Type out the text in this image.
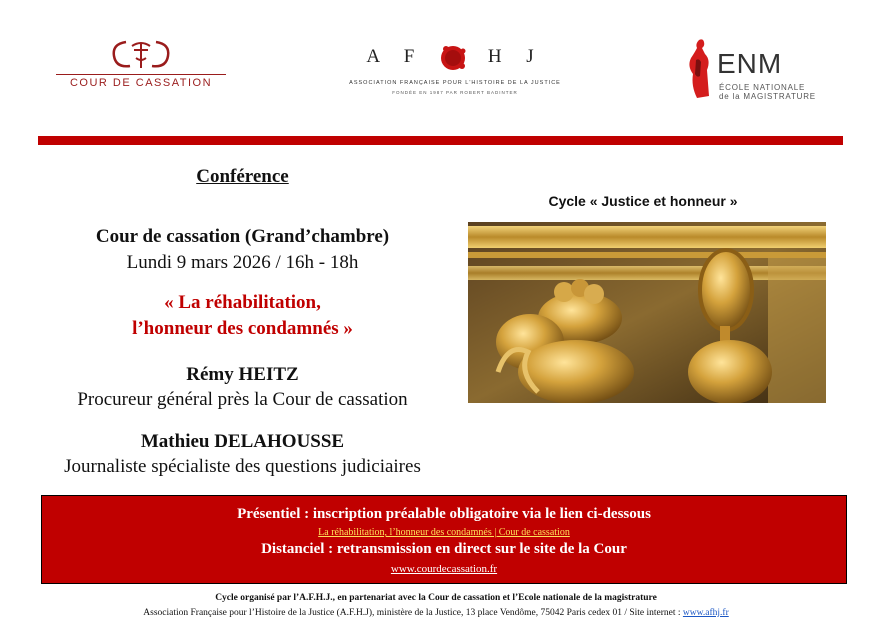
COUR DE CASSATION
A F	H J
ASSOCIATION FRANÇAISE POUR L'HISTOIRE DE LA JUSTICE
FONDÉE EN 1987 PAR ROBERT BADINTER
ENM
ÉCOLE NATIONALE
de la MAGISTRATURE
Conférence
Cour de cassation (Grand’chambre)
Lundi 9 mars 2026 / 16h - 18h
« La réhabilitation,
l’honneur des condamnés »
Rémy HEITZ
Procureur général près la Cour de cassation
Mathieu DELAHOUSSE
Journaliste spécialiste des questions judiciaires
Cycle « Justice et honneur »
Présentiel : inscription préalable obligatoire via le lien ci-dessous
La réhabilitation, l’honneur des condamnés | Cour de cassation
Distanciel : retransmission en direct sur le site de la Cour
www.courdecassation.fr
Cycle organisé par l’A.F.H.J., en partenariat avec la Cour de cassation et l’Ecole nationale de la magistrature
Association Française pour l’Histoire de la Justice (A.F.H.J), ministère de la Justice, 13 place Vendôme, 75042 Paris cedex 01 / Site internet : www.afhj.fr
